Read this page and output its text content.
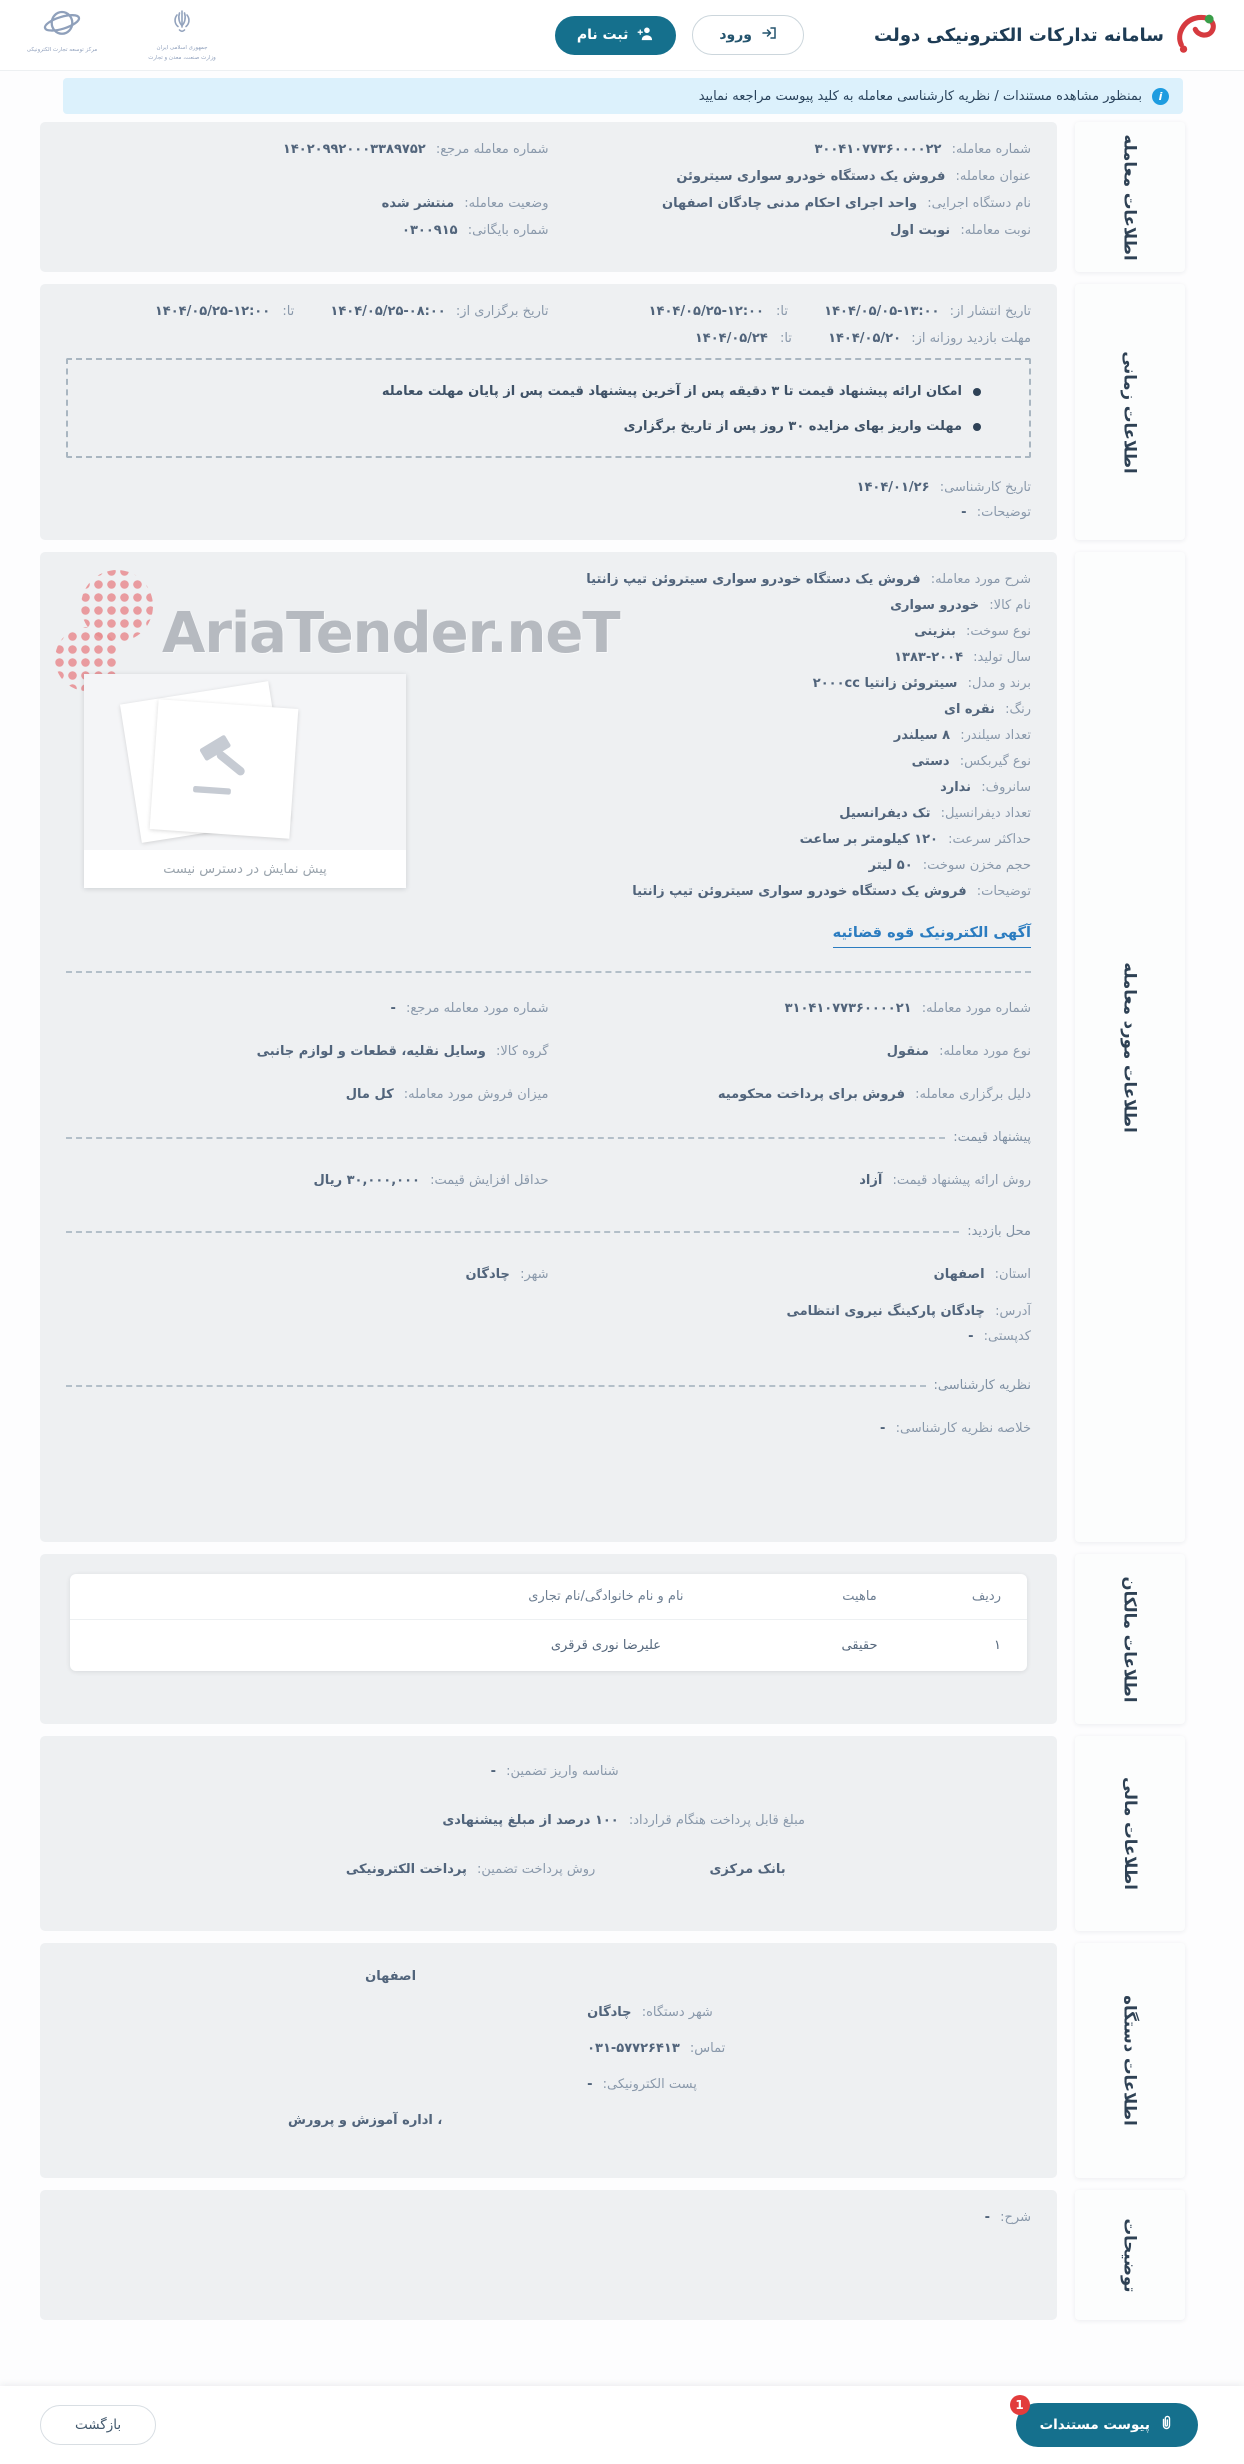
سامانه تدارکات الکترونیکی دولت
ورود
ثبت نام
مرکز توسعه تجارت الکترونیکی	جمهوری اسلامی ایران
وزارت صنعت، معدن و تجارت
i
بمنظور مشاهده مستندات / نظریه کارشناسی معامله به کلید پیوست مراجعه نمایید
اطلاعات معامله
شماره معامله: ۳۰۰۴۱۰۷۷۳۶۰۰۰۰۲۲
شماره معامله مرجع: ۱۴۰۲۰۹۹۲۰۰۰۳۳۸۹۷۵۲
عنوان معامله: فروش یک دستگاه خودرو سواری سیتروئن
نام دستگاه اجرایی: واحد اجرای احکام مدنی چادگان اصفهان
وضعیت معامله: منتشر شده
نوبت معامله: نوبت اول
شماره بایگانی: ۰۳۰۰۹۱۵
اطلاعات زمانی
تاریخ انتشار از: ۱۴۰۴/۰۵/۰۵-۱۳:۰۰ تا: ۱۴۰۴/۰۵/۲۵-۱۲:۰۰
تاریخ برگزاری از: ۱۴۰۴/۰۵/۲۵-۰۸:۰۰ تا: ۱۴۰۴/۰۵/۲۵-۱۲:۰۰
مهلت بازدید روزانه از: ۱۴۰۴/۰۵/۲۰ تا: ۱۴۰۴/۰۵/۲۴
امکان ارائه پیشنهاد قیمت تا ۳ دقیقه پس از آخرین پیشنهاد قیمت پس از پایان مهلت معامله
مهلت واریز بهای مزایده ۳۰ روز پس از تاریخ برگزاری
تاریخ کارشناسی: ۱۴۰۴/۰۱/۲۶
توضیحات: -
اطلاعات مورد معامله
AriaTender.neT
پیش نمایش در دسترس نیست
شرح مورد معامله: فروش یک دستگاه خودرو سواری سیتروئن تیپ زانتیا
نام کالا: خودرو سواری
نوع سوخت: بنزینی
سال تولید: ۱۳۸۳-۲۰۰۴
برند و مدل: سیتروئن زانتیا ۲۰۰۰cc
رنگ: نقره ای
تعداد سیلندر: ۸ سیلندر
نوع گیربکس: دستی
سانروف: ندارد
تعداد دیفرانسیل: تک دیفرانسیل
حداکثر سرعت: ۱۲۰ کیلومتر بر ساعت
حجم مخزن سوخت: ۵۰ لیتر
توضیحات: فروش یک دستگاه خودرو سواری سیتروئن تیپ زانتیا
آگهی الکترونیک قوه قضائیه
شماره مورد معامله: ۳۱۰۴۱۰۷۷۳۶۰۰۰۰۲۱
شماره مورد معامله مرجع: -
نوع مورد معامله: منقول
گروه کالا: وسایل نقلیه، قطعات و لوازم جانبی
دلیل برگزاری معامله: فروش برای پرداخت محکومیه
میزان فروش مورد معامله: کل مال
پیشنهاد قیمت:
روش ارائه پیشنهاد قیمت: آزاد
حداقل افزایش قیمت: ۳۰,۰۰۰,۰۰۰ ریال
محل بازدید:
استان: اصفهان
شهر: چادگان
آدرس: چادگان پارکینگ نیروی انتظامی
کدپستی: -
نظریه کارشناسی:
خلاصه نظریه کارشناسی: -
اطلاعات مالکان
ردیف	ماهیت	نام و نام خانوادگی/نام تجاری	
۱	حقیقی	علیرضا نوری قرقری	
اطلاعات مالی
شناسه واریز تضمین: -
مبلغ قابل پرداخت هنگام قرارداد: ۱۰۰ درصد از مبلغ پیشنهادی
بانک مرکزی روش پرداخت تضمین: پرداخت الکترونیکی
اطلاعات دستگاه
اصفهان
شهر دستگاه: چادگان
تماس: ۰۳۱-۵۷۷۲۶۴۱۳
پست الکترونیکی: -
، اداره آموزش و پرورش
توضیحات
شرح: -
1
پیوست مستندات
بازگشت
